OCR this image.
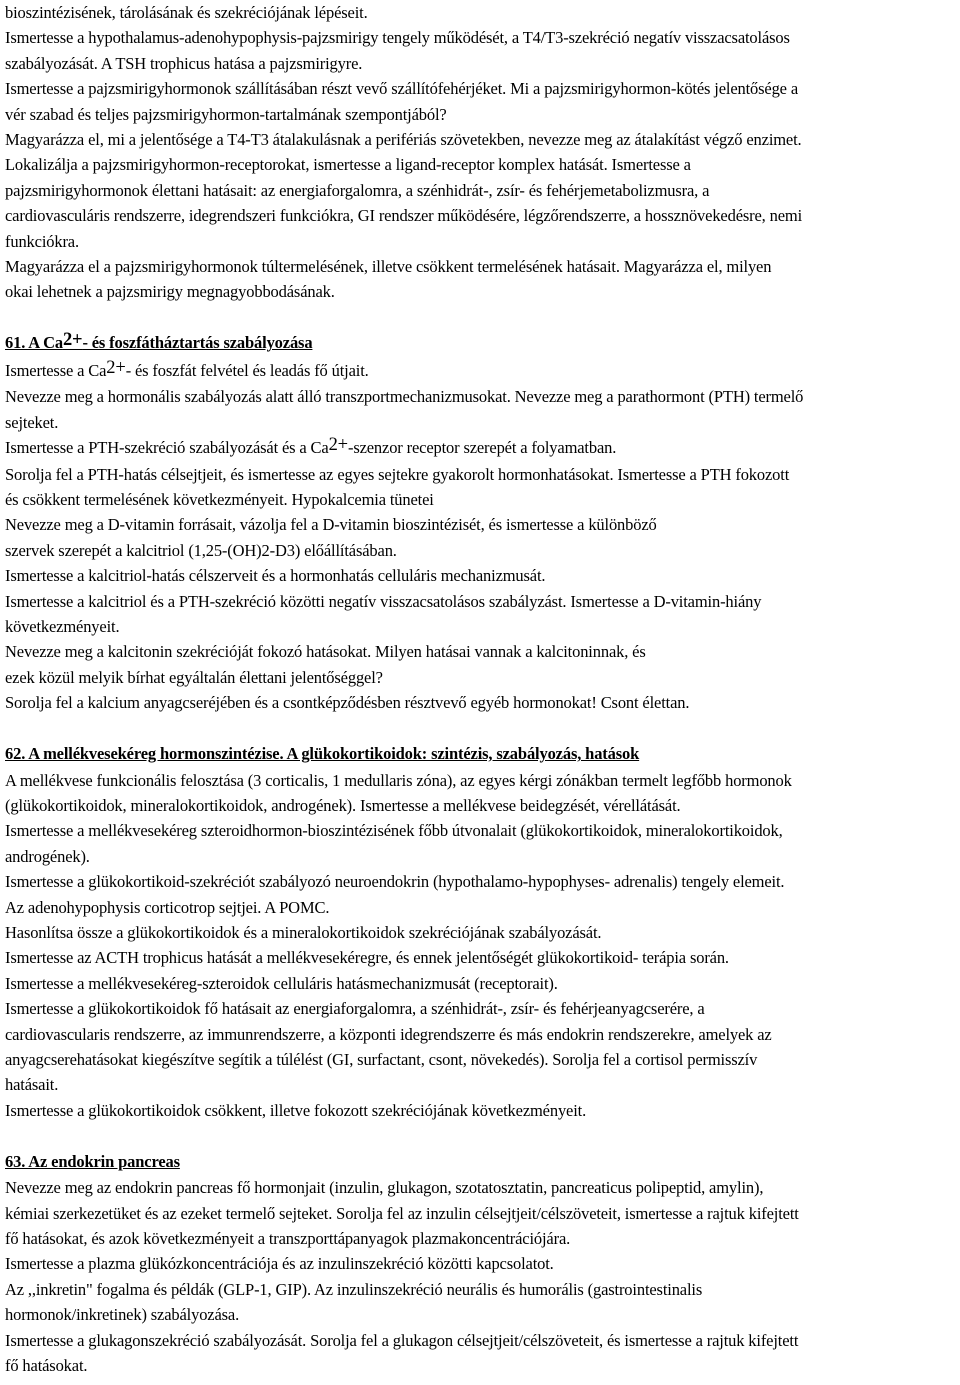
bioszintézisének, tárolásának és szekréciójának lépéseit.

Ismertesse a hypothalamus-adenohypophysis-pajzsmirigy tengely működését, a T4/T3-szekréció negatív visszacsatolásos

szabályozását. A TSH trophicus hatása a pajzsmirigyre.

Ismertesse a pajzsmirigyhormonok szállításában részt vevő szállítófehérjéket. Mi a pajzsmirigyhormon-kötés jelentősége a

vér szabad és teljes pajzsmirigyhormon-tartalmának szempontjából?

Magyarázza el, mi a jelentősége a T4-T3 átalakulásnak a perifériás szövetekben, nevezze meg az átalakítást végző enzimet.

Lokalizálja a pajzsmirigyhormon-receptorokat, ismertesse a ligand-receptor komplex hatását. Ismertesse a

pajzsmirigyhormonok élettani hatásait: az energiaforgalomra, a szénhidrát-, zsír- és fehérjemetabolizmusra, a

cardiovasculáris rendszerre, idegrendszeri funkciókra, GI rendszer működésére, légzőrendszerre, a hossznövekedésre, nemi

funkciókra.

Magyarázza el a pajzsmirigyhormonok túltermelésének, illetve csökkent termelésének hatásait. Magyarázza el, milyen

okai lehetnek a pajzsmirigy megnagyobbodásának.

61. A Ca2+- és foszfátháztartás szabályozása

Ismertesse a Ca2+- és foszfát felvétel és leadás fő útjait.

Nevezze meg a hormonális szabályozás alatt álló transzportmechanizmusokat. Nevezze meg a parathormont (PTH) termelő

sejteket.

Ismertesse a PTH-szekréció szabályozását és a Ca2+-szenzor receptor szerepét a folyamatban.

Sorolja fel a PTH-hatás célsejtjeit, és ismertesse az egyes sejtekre gyakorolt hormonhatásokat. Ismertesse a PTH fokozott

és csökkent termelésének következményeit. Hypokalcemia tünetei

Nevezze meg a D-vitamin forrásait, vázolja fel a D-vitamin bioszintézisét, és ismertesse a különböző

szervek szerepét a kalcitriol (1,25-(OH)2-D3) előállításában.

Ismertesse a kalcitriol-hatás célszerveit és a hormonhatás celluláris mechanizmusát.

Ismertesse a kalcitriol és a PTH-szekréció közötti negatív visszacsatolásos szabályzást. Ismertesse a D-vitamin-hiány

következményeit.

Nevezze meg a kalcitonin szekrécióját fokozó hatásokat. Milyen hatásai vannak a kalcitoninnak, és

ezek közül melyik bírhat egyáltalán élettani jelentőséggel?

Sorolja fel a kalcium anyagcseréjében és a csontképződésben résztvevő egyéb hormonokat! Csont élettan.

62. A mellékvesekéreg hormonszintézise. A glükokortikoidok: szintézis, szabályozás, hatások

A mellékvese funkcionális felosztása (3 corticalis, 1 medullaris zóna), az egyes kérgi zónákban termelt legfőbb hormonok

(glükokortikoidok, mineralokortikoidok, androgének). Ismertesse a mellékvese beidegzését, vérellátását.

Ismertesse a mellékvesekéreg szteroidhormon-bioszintézisének főbb útvonalait (glükokortikoidok, mineralokortikoidok,

androgének).

Ismertesse a glükokortikoid-szekréciót szabályozó neuroendokrin (hypothalamo-hypophyses- adrenalis) tengely elemeit.

Az adenohypophysis corticotrop sejtjei. A POMC.

Hasonlítsa össze a glükokortikoidok és a mineralokortikoidok szekréciójának szabályozását.

Ismertesse az ACTH trophicus hatását a mellékvesekéregre, és ennek jelentőségét glükokortikoid- terápia során.

Ismertesse a mellékvesekéreg-szteroidok celluláris hatásmechanizmusát (receptorait).

Ismertesse a glükokortikoidok fő hatásait az energiaforgalomra, a szénhidrát-, zsír- és fehérjeanyagcserére, a

cardiovascularis rendszerre, az immunrendszerre, a központi idegrendszerre és más endokrin rendszerekre, amelyek az

anyagcserehatásokat kiegészítve segítik a túlélést (GI, surfactant, csont, növekedés). Sorolja fel a cortisol permisszív

hatásait.

Ismertesse a glükokortikoidok csökkent, illetve fokozott szekréciójának következményeit.

63. Az endokrin pancreas

Nevezze meg az endokrin pancreas fő hormonjait (inzulin, glukagon, szotatosztatin, pancreaticus polipeptid, amylin),

kémiai szerkezetüket és az ezeket termelő sejteket. Sorolja fel az inzulin célsejtjeit/célszöveteit, ismertesse a rajtuk kifejtett

fő hatásokat, és azok következményeit a transzporttápanyagok plazmakoncentrációjára.

Ismertesse a plazma glükózkoncentrációja és az inzulinszekréció közötti kapcsolatot.

Az ,,inkretin" fogalma és példák (GLP-1, GIP). Az inzulinszekréció neurális és humorális (gastrointestinalis

hormonok/inkretinek) szabályozása.

Ismertesse a glukagonszekréció szabályozását. Sorolja fel a glukagon célsejtjeit/célszöveteit, és ismertesse a rajtuk kifejtett

fő hatásokat.
